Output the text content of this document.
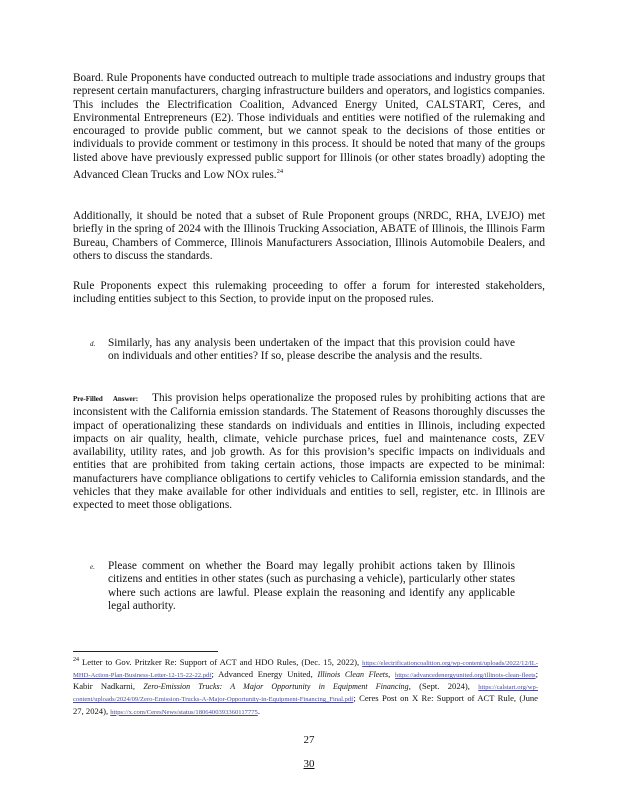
Board. Rule Proponents have conducted outreach to multiple trade associations and industry groups that represent certain manufacturers, charging infrastructure builders and operators, and logistics companies. This includes the Electrification Coalition, Advanced Energy United, CALSTART, Ceres, and Environmental Entrepreneurs (E2). Those individuals and entities were notified of the rulemaking and encouraged to provide public comment, but we cannot speak to the decisions of those entities or individuals to provide comment or testimony in this process. It should be noted that many of the groups listed above have previously expressed public support for Illinois (or other states broadly) adopting the Advanced Clean Trucks and Low NOx rules.$^{24}$

Additionally, it should be noted that a subset of Rule Proponent groups (NRDC, RHA, LVEJO) met briefly in the spring of 2024 with the Illinois Trucking Association, ABATE of Illinois, the Illinois Farm Bureau, Chambers of Commerce, Illinois Manufacturers Association, Illinois Automobile Dealers, and others to discuss the standards.

Rule Proponents expect this rulemaking proceeding to offer a forum for interested stakeholders, including entities subject to this Section, to provide input on the proposed rules.

d. Similarly, has any analysis been undertaken of the impact that this provision could have on individuals and other entities? If so, please describe the analysis and the results.

Pre-Filled Answer: This provision helps operationalize the proposed rules by prohibiting actions that are inconsistent with the California emission standards. The Statement of Reasons thoroughly discusses the impact of operationalizing these standards on individuals and entities in Illinois, including expected impacts on air quality, health, climate, vehicle purchase prices, fuel and maintenance costs, ZEV availability, utility rates, and job growth. As for this provision’s specific impacts on individuals and entities that are prohibited from taking certain actions, those impacts are expected to be minimal: manufacturers have compliance obligations to certify vehicles to California emission standards, and the vehicles that they make available for other individuals and entities to sell, register, etc. in Illinois are expected to meet those obligations.

e. Please comment on whether the Board may legally prohibit actions taken by Illinois citizens and entities in other states (such as purchasing a vehicle), particularly other states where such actions are lawful. Please explain the reasoning and identify any applicable legal authority.
$^{24}$ Letter to Gov. Pritzker Re: Support of ACT and HDO Rules, (Dec. 15, 2022), https://electrificationcoalition.org/wp-content/uploads/2022/12/IL-MHD-Action-Plan-Business-Letter-12-15-22-22.pdf; Advanced Energy United, Illinois Clean Fleets, https://advancedenergyunited.org/illinois-clean-fleets; Kabir Nadkarni, Zero-Emission Trucks: A Major Opportunity in Equipment Financing, (Sept. 2024), https://calstart.org/wp-content/uploads/2024/09/Zero-Emission-Trucks-A-Major-Opportunity-in-Equipment-Financing_Final.pdf; Ceres Post on X Re: Support of ACT Rule, (June 27, 2024), https://x.com/CeresNews/status/1806400393360117775.
27
30
